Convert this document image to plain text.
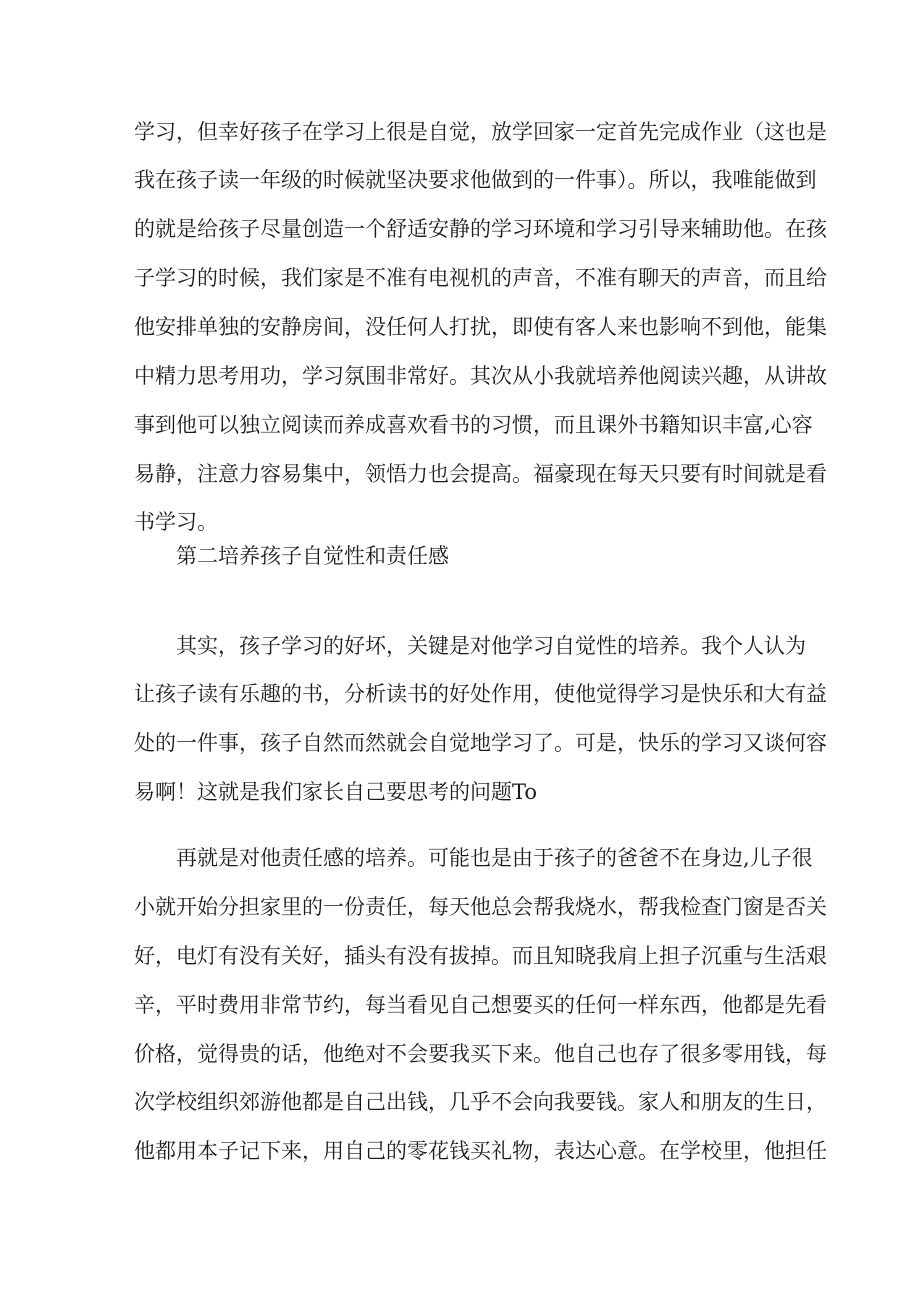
学习，但幸好孩子在学习上很是自觉，放学回家一定首先完成作业（这也是
我在孩子读一年级的时候就坚决要求他做到的一件事）。所以，我唯能做到
的就是给孩子尽量创造一个舒适安静的学习环境和学习引导来辅助他。在孩
子学习的时候，我们家是不准有电视机的声音，不准有聊天的声音，而且给
他安排单独的安静房间，没任何人打扰，即使有客人来也影响不到他，能集
中精力思考用功，学习氛围非常好。其次从小我就培养他阅读兴趣，从讲故
事到他可以独立阅读而养成喜欢看书的习惯，而且课外书籍知识丰富,心容
易静，注意力容易集中，领悟力也会提高。福豪现在每天只要有时间就是看
书学习。
第二培养孩子自觉性和责任感
其实，孩子学习的好坏，关键是对他学习自觉性的培养。我个人认为
让孩子读有乐趣的书，分析读书的好处作用，使他觉得学习是快乐和大有益
处的一件事，孩子自然而然就会自觉地学习了。可是，快乐的学习又谈何容
易啊！这就是我们家长自己要思考的问题To
再就是对他责任感的培养。可能也是由于孩子的爸爸不在身边,儿子很
小就开始分担家里的一份责任，每天他总会帮我烧水，帮我检查门窗是否关
好，电灯有没有关好，插头有没有拔掉。而且知晓我肩上担子沉重与生活艰
辛，平时费用非常节约，每当看见自己想要买的任何一样东西，他都是先看
价格，觉得贵的话，他绝对不会要我买下来。他自己也存了很多零用钱，每
次学校组织郊游他都是自己出钱，几乎不会向我要钱。家人和朋友的生日，
他都用本子记下来，用自己的零花钱买礼物，表达心意。在学校里，他担任
